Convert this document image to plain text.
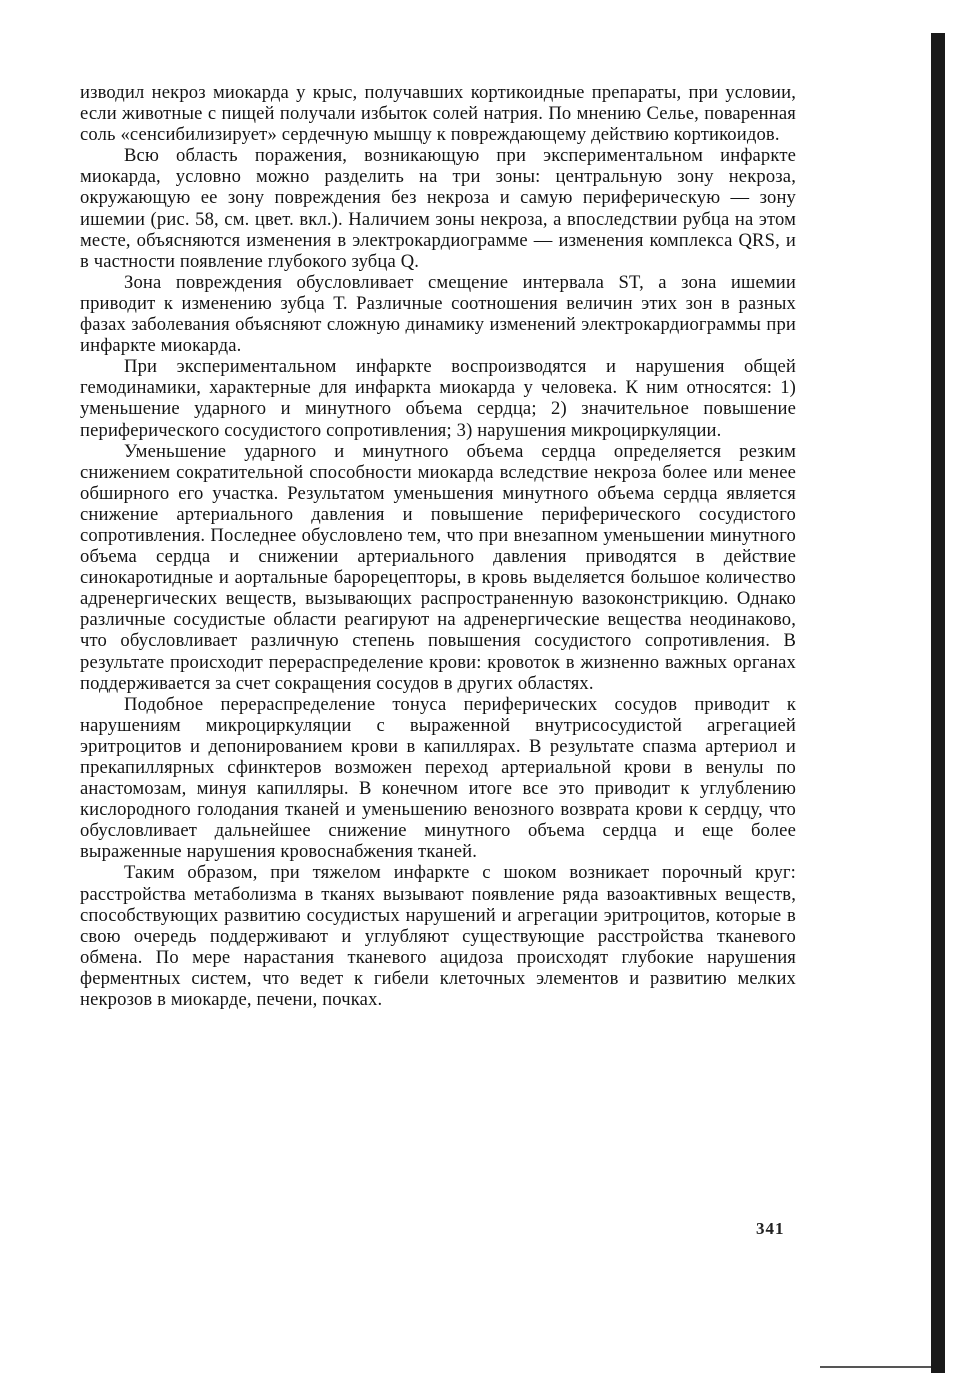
изводил некроз миокарда у крыс, получавших кортикоидные препараты, при условии, если животные с пищей получали избыток солей натрия. По мнению Селье, поваренная соль «сенсибилизирует» сердечную мышцу к повреждающему действию кортикоидов.

Всю область поражения, возникающую при экспериментальном инфаркте миокарда, условно можно разделить на три зоны: центральную зону некроза, окружающую ее зону повреждения без некроза и самую периферическую — зону ишемии (рис. 58, см. цвет. вкл.). Наличием зоны некроза, а впоследствии рубца на этом месте, объясняются изменения в электрокардиограмме — изменения комплекса QRS, и в частности появление глубокого зубца Q.

Зона повреждения обусловливает смещение интервала ST, а зона ишемии приводит к изменению зубца Т. Различные соотношения величин этих зон в разных фазах заболевания объясняют сложную динамику изменений электрокардиограммы при инфаркте миокарда.

При экспериментальном инфаркте воспроизводятся и нарушения общей гемодинамики, характерные для инфаркта миокарда у человека. К ним относятся: 1) уменьшение ударного и минутного объема сердца; 2) значительное повышение периферического сосудистого сопротивления; 3) нарушения микроциркуляции.

Уменьшение ударного и минутного объема сердца определяется резким снижением сократительной способности миокарда вследствие некроза более или менее обширного его участка. Результатом уменьшения минутного объема сердца является снижение артериального давления и повышение периферического сосудистого сопротивления. Последнее обусловлено тем, что при внезапном уменьшении минутного объема сердца и снижении артериального давления приводятся в действие синокаротидные и аортальные барорецепторы, в кровь выделяется большое количество адренергических веществ, вызывающих распространенную вазоконстрикцию. Однако различные сосудистые области реагируют на адренергические вещества неодинаково, что обусловливает различную степень повышения сосудистого сопротивления. В результате происходит перераспределение крови: кровоток в жизненно важных органах поддерживается за счет сокращения сосудов в других областях.

Подобное перераспределение тонуса периферических сосудов приводит к нарушениям микроциркуляции с выраженной внутрисосудистой агрегацией эритроцитов и депонированием крови в капиллярах. В результате спазма артериол и прекапиллярных сфинктеров возможен переход артериальной крови в венулы по анастомозам, минуя капилляры. В конечном итоге все это приводит к углублению кислородного голодания тканей и уменьшению венозного возврата крови к сердцу, что обусловливает дальнейшее снижение минутного объема сердца и еще более выраженные нарушения кровоснабжения тканей.

Таким образом, при тяжелом инфаркте с шоком возникает порочный круг: расстройства метаболизма в тканях вызывают появление ряда вазоактивных веществ, способствующих развитию сосудистых нарушений и агрегации эритроцитов, которые в свою очередь поддерживают и углубляют существующие расстройства тканевого обмена. По мере нарастания тканевого ацидоза происходят глубокие нарушения ферментных систем, что ведет к гибели клеточных элементов и развитию мелких некрозов в миокарде, печени, почках.

341
